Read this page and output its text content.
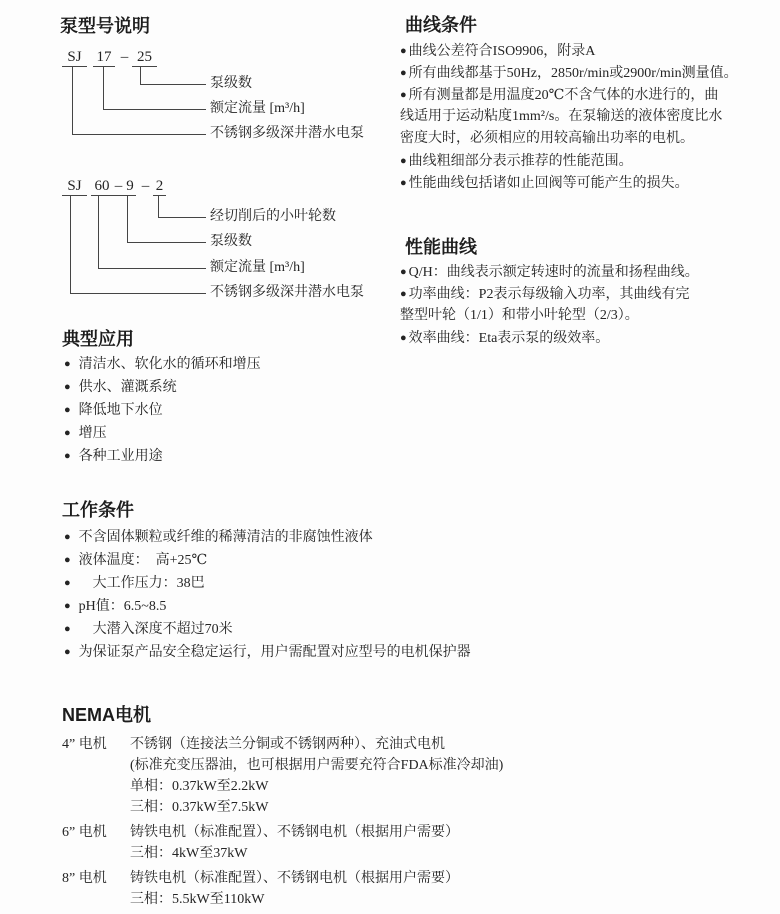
泵型号说明
SJ 17 – 25
泵级数
额定流量 [m³/h]
不锈钢多级深井潜水电泵
SJ 60 – 9 – 2
经切削后的小叶轮数
泵级数
额定流量 [m³/h]
不锈钢多级深井潜水电泵
曲线条件
● 曲线公差符合ISO9906，附录A
● 所有曲线都基于50Hz，2850r/min或2900r/min测量值。
● 所有测量都是用温度20℃不含气体的水进行的，曲
线适用于运动粘度1mm²/s。在泵输送的液体密度比水
密度大时，必须相应的用较高输出功率的电机。
● 曲线粗细部分表示推荐的性能范围。
● 性能曲线包括诸如止回阀等可能产生的损失。
性能曲线
● Q/H：曲线表示额定转速时的流量和扬程曲线。
● 功率曲线：P2表示每级输入功率，其曲线有完
整型叶轮（1/1）和带小叶轮型（2/3）。
● 效率曲线：Eta表示泵的级效率。
典型应用
● 清洁水、软化水的循环和增压
● 供水、灌溉系统
● 降低地下水位
● 增压
● 各种工业用途
工作条件
● 不含固体颗粒或纤维的稀薄清洁的非腐蚀性液体
● 液体温度：　高+25℃
● 　大工作压力：38巴
● pH值：6.5~8.5
● 　大潜入深度不超过70米
● 为保证泵产品安全稳定运行，用户需配置对应型号的电机保护器
NEMA电机
4” 电机	不锈钢（连接法兰分铜或不锈钢两种）、充油式电机
(标准充变压器油，也可根据用户需要充符合FDA标准冷却油)
单相：0.37kW至2.2kW
三相：0.37kW至7.5kW
6” 电机	铸铁电机（标准配置）、不锈钢电机（根据用户需要）
三相：4kW至37kW
8” 电机	铸铁电机（标准配置）、不锈钢电机（根据用户需要）
三相：5.5kW至110kW
